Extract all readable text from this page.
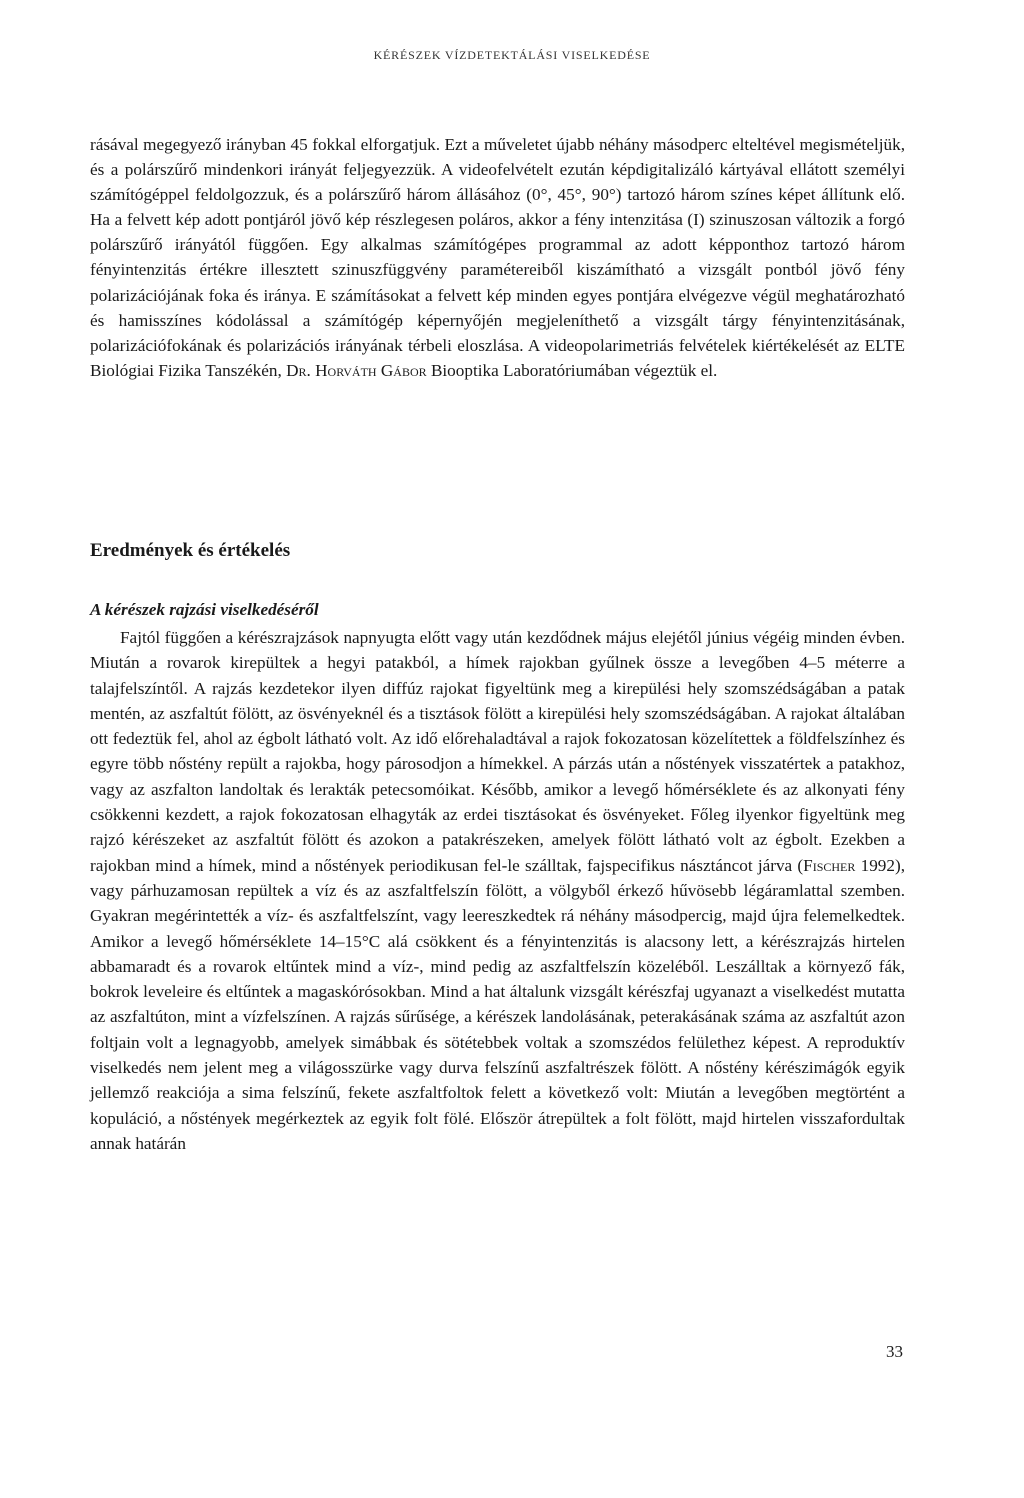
KÉRÉSZEK VÍZDETEKTÁLÁSI VISELKEDÉSE

rásával megegyező irányban 45 fokkal elforgatjuk. Ezt a műveletet újabb néhány másodperc elteltével megismételjük, és a polárszűrő mindenkori irányát feljegyezzük. A videofelvételt ezután képdigitalizáló kártyával ellátott személyi számítógéppel feldolgozzuk, és a polárszűrő három állásához (0°, 45°, 90°) tartozó három színes képet állítunk elő. Ha a felvett kép adott pontjáról jövő kép részlegesen poláros, akkor a fény intenzitása (I) szinuszosan változik a forgó polárszűrő irányától függően. Egy alkalmas számítógépes programmal az adott képponthoz tartozó három fényintenzitás értékre illesztett szinuszfüggvény paramétereiből kiszámítható a vizsgált pontból jövő fény polarizációjának foka és iránya. E számításokat a felvett kép minden egyes pontjára elvégezve végül meghatározható és hamisszínes kódolással a számítógép képernyőjén megjeleníthető a vizsgált tárgy fényintenzitásának, polarizációfokának és polarizációs irányának térbeli eloszlása. A videopolarimetriás felvételek kiértékelését az ELTE Biológiai Fizika Tanszékén, Dr. Horváth Gábor Biooptika Laboratóriumában végeztük el.

Eredmények és értékelés
A kérészek rajzási viselkedéséről

Fajtól függően a kérészrajzások napnyugta előtt vagy után kezdődnek május elejétől június végéig minden évben. Miután a rovarok kirepültek a hegyi patakból, a hímek rajokban gyűlnek össze a levegőben 4–5 méterre a talajfelszíntől. A rajzás kezdetekor ilyen diffúz rajokat figyeltünk meg a kirepülési hely szomszédságában a patak mentén, az aszfaltút fölött, az ösvényeknél és a tisztások fölött a kirepülési hely szomszédságában. A rajokat általában ott fedeztük fel, ahol az égbolt látható volt. Az idő előrehaladtával a rajok fokozatosan közelítettek a földfelszínhez és egyre több nőstény repült a rajokba, hogy párosodjon a hímekkel. A párzás után a nőstények visszatértek a patakhoz, vagy az aszfalton landoltak és lerakták petecsomóikat. Később, amikor a levegő hőmérséklete és az alkonyati fény csökkenni kezdett, a rajok fokozatosan elhagyták az erdei tisztásokat és ösvényeket. Főleg ilyenkor figyeltünk meg rajzó kérészeket az aszfaltút fölött és azokon a patakrészeken, amelyek fölött látható volt az égbolt. Ezekben a rajokban mind a hímek, mind a nőstények periodikusan fel-le szálltak, fajspecifikus násztáncot járva (Fischer 1992), vagy párhuzamosan repültek a víz és az aszfaltfelszín fölött, a völgyből érkező hűvösebb légáramlattal szemben. Gyakran megérintették a víz- és aszfaltfelszínt, vagy leereszkedtek rá néhány másodpercig, majd újra felemelkedtek. Amikor a levegő hőmérséklete 14–15°C alá csökkent és a fényintenzitás is alacsony lett, a kérészrajzás hirtelen abbamaradt és a rovarok eltűntek mind a víz-, mind pedig az aszfaltfelszín közeléből. Leszálltak a környező fák, bokrok leveleire és eltűntek a magaskórósokban. Mind a hat általunk vizsgált kérészfaj ugyanazt a viselkedést mutatta az aszfaltúton, mint a vízfelszínen. A rajzás sűrűsége, a kérészek landolásának, peterakásának száma az aszfaltút azon foltjain volt a legnagyobb, amelyek simábbak és sötétebbek voltak a szomszédos felülethez képest. A reproduktív viselkedés nem jelent meg a világosszürke vagy durva felszínű aszfaltrészek fölött. A nőstény kérészimágók egyik jellemző reakciója a sima felszínű, fekete aszfaltfoltok felett a következő volt: Miután a levegőben megtörtént a kopuláció, a nőstények megérkeztek az egyik folt fölé. Először átrepültek a folt fölött, majd hirtelen visszafordultak annak határán

33
